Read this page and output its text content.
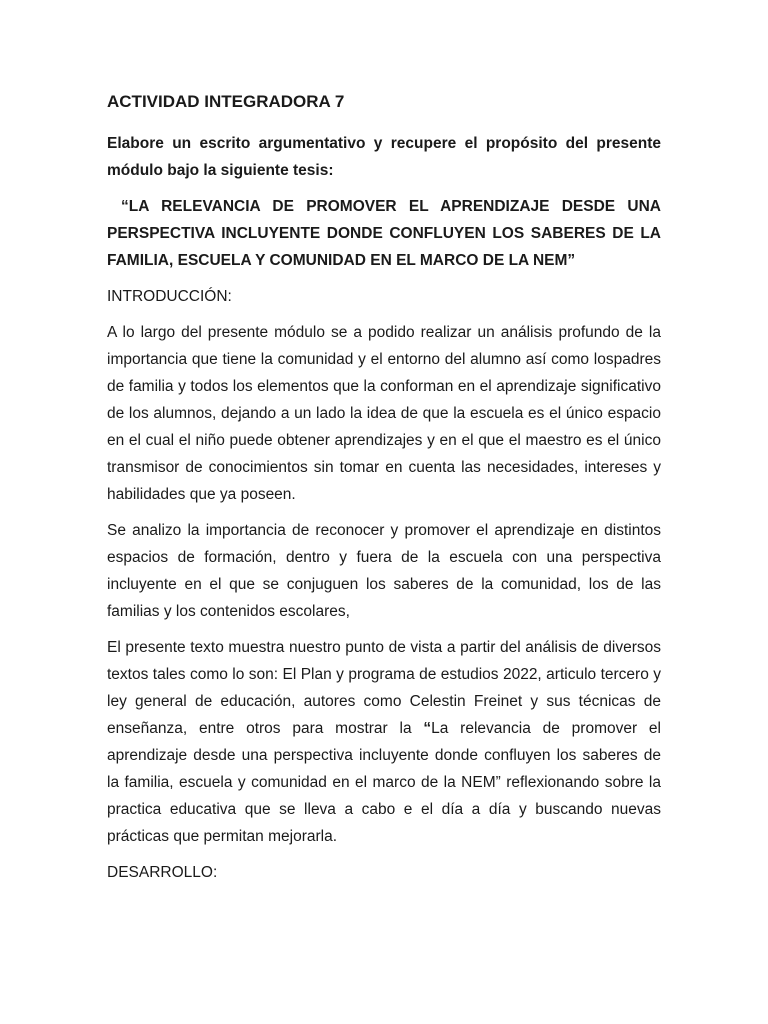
ACTIVIDAD INTEGRADORA 7

Elabore un escrito argumentativo y recupere el propósito del presente módulo bajo la siguiente tesis:

“LA RELEVANCIA DE PROMOVER EL APRENDIZAJE DESDE UNA PERSPECTIVA INCLUYENTE DONDE CONFLUYEN LOS SABERES DE LA FAMILIA, ESCUELA Y COMUNIDAD EN EL MARCO DE LA NEM”

INTRODUCCIÓN:

A lo largo del presente módulo se a podido realizar un análisis profundo de la importancia que tiene la comunidad y el entorno del alumno así como lospadres de familia y todos los elementos que la conforman en el aprendizaje significativo de los alumnos, dejando a un lado la idea de que la escuela es el único espacio en el cual el niño puede obtener aprendizajes y en el que el maestro es el único transmisor de conocimientos sin tomar en cuenta las necesidades, intereses y habilidades que ya poseen.

Se analizo la importancia de reconocer y promover el aprendizaje en distintos espacios de formación, dentro y fuera de la escuela con una perspectiva incluyente en el que se conjuguen los saberes de la comunidad, los de las familias y los contenidos escolares,

El presente texto muestra nuestro punto de vista a partir del análisis de diversos textos tales como lo son: El Plan y programa de estudios 2022, articulo tercero y ley general de educación, autores como Celestin Freinet y sus técnicas de enseñanza, entre otros para mostrar la “La relevancia de promover el aprendizaje desde una perspectiva incluyente donde confluyen los saberes de la familia, escuela y comunidad en el marco de la NEM” reflexionando sobre la practica educativa que se lleva a cabo e el día a día y buscando nuevas prácticas que permitan mejorarla.

DESARROLLO:
